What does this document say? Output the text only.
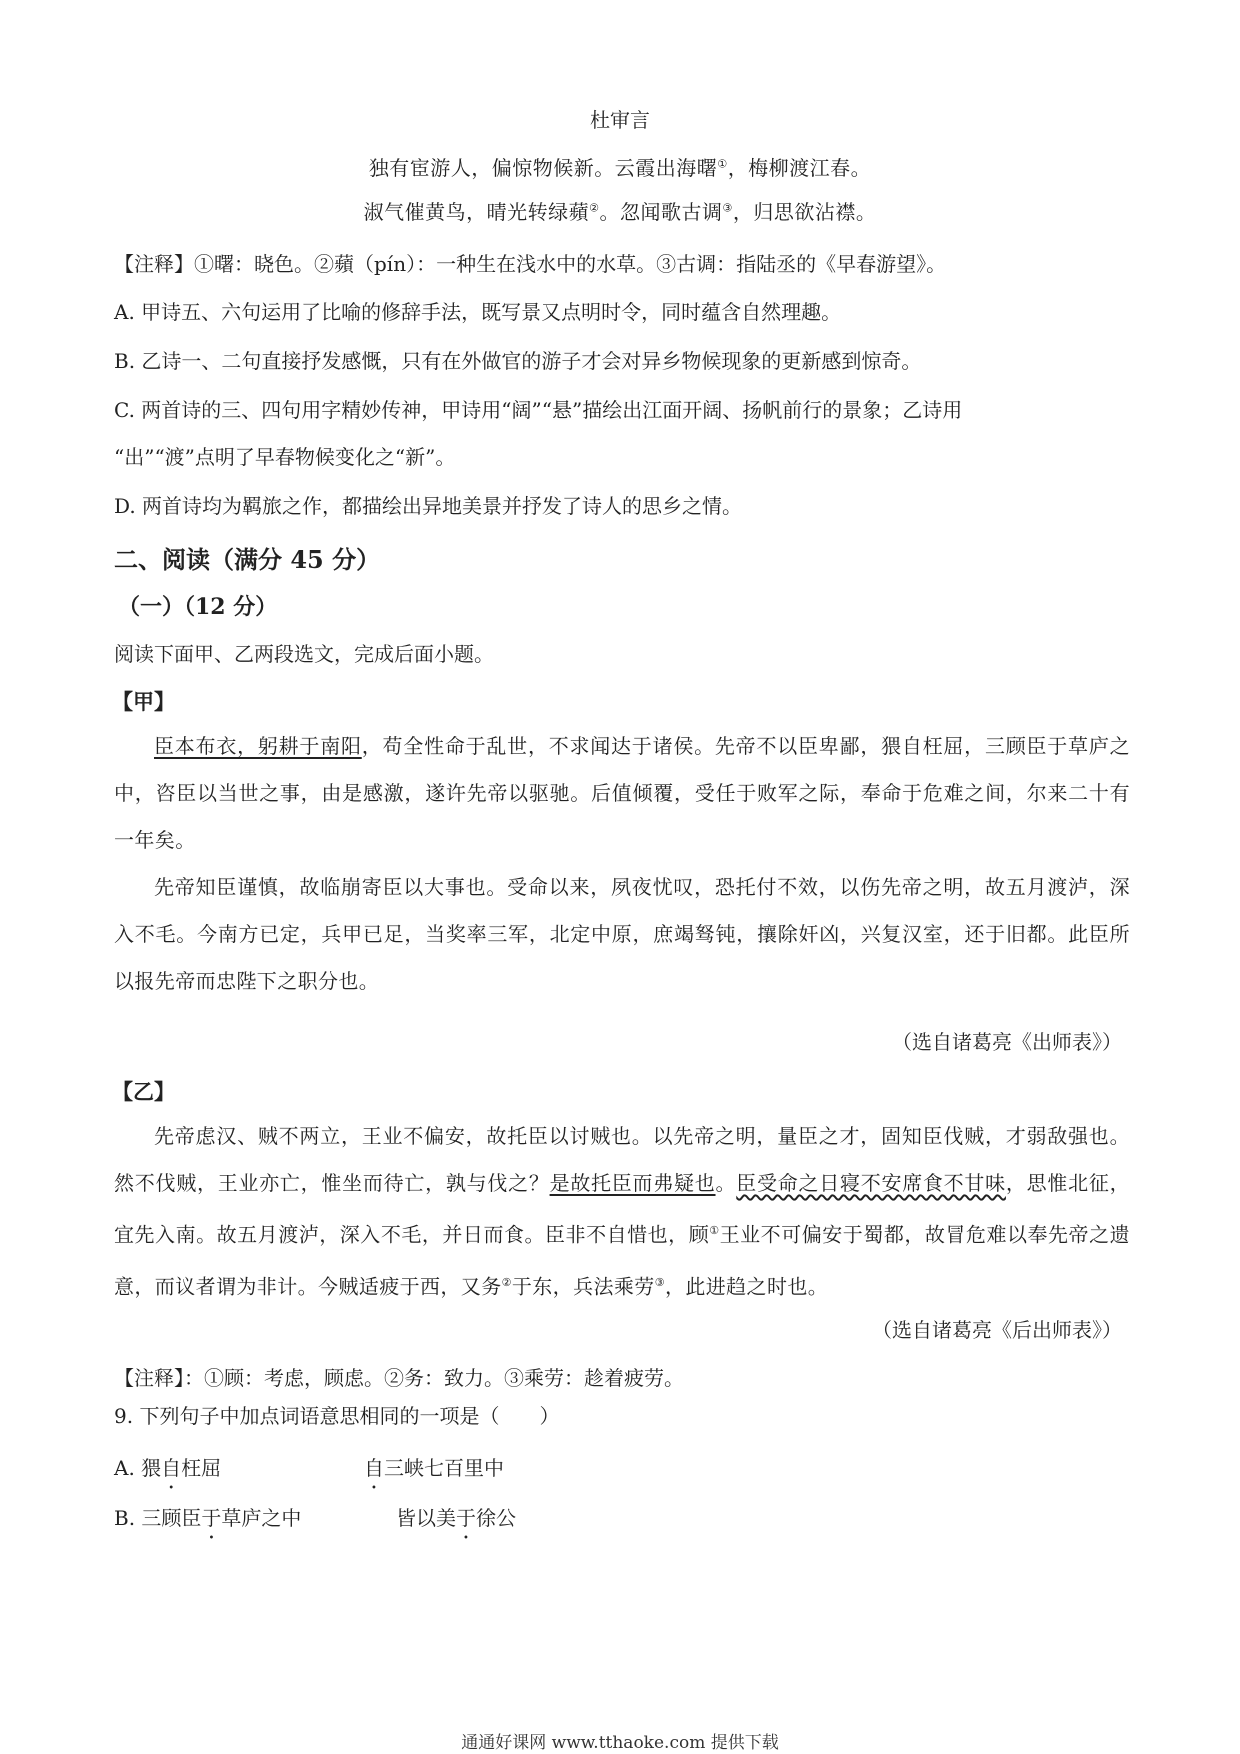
杜审言
独有宦游人，偏惊物候新。云霞出海曙①，梅柳渡江春。
淑气催黄鸟，晴光转绿蘋②。忽闻歌古调③，归思欲沾襟。
【注释】①曙：晓色。②蘋（pín）：一种生在浅水中的水草。③古调：指陆丞的《早春游望》。
A. 甲诗五、六句运用了比喻的修辞手法，既写景又点明时令，同时蕴含自然理趣。
B. 乙诗一、二句直接抒发感慨，只有在外做官的游子才会对异乡物候现象的更新感到惊奇。
C. 两首诗的三、四句用字精妙传神，甲诗用“阔”“悬”描绘出江面开阔、扬帆前行的景象；乙诗用
“出”“渡”点明了早春物候变化之“新”。
D. 两首诗均为羁旅之作，都描绘出异地美景并抒发了诗人的思乡之情。
二、阅读（满分 45 分）
（一）（12 分）
阅读下面甲、乙两段选文，完成后面小题。
【甲】
臣本布衣，躬耕于南阳，苟全性命于乱世，不求闻达于诸侯。先帝不以臣卑鄙，猥自枉屈，三顾臣于草庐之中，咨臣以当世之事，由是感激，遂许先帝以驱驰。后值倾覆，受任于败军之际，奉命于危难之间，尔来二十有一年矣。
先帝知臣谨慎，故临崩寄臣以大事也。受命以来，夙夜忧叹，恐托付不效，以伤先帝之明，故五月渡泸，深入不毛。今南方已定，兵甲已足，当奖率三军，北定中原，庶竭驽钝，攘除奸凶，兴复汉室，还于旧都。此臣所以报先帝而忠陛下之职分也。
（选自诸葛亮《出师表》）
【乙】
先帝虑汉、贼不两立，王业不偏安，故托臣以讨贼也。以先帝之明，量臣之才，固知臣伐贼，才弱敌强也。然不伐贼，王业亦亡，惟坐而待亡，孰与伐之？是故托臣而弗疑也。臣受命之日寝不安席食不甘味，思惟北征，宜先入南。故五月渡泸，深入不毛，并日而食。臣非不自惜也，顾①王业不可偏安于蜀都，故冒危难以奉先帝之遗意，而议者谓为非计。今贼适疲于西，又务②于东，兵法乘劳③，此进趋之时也。
（选自诸葛亮《后出师表》）
【注释】：①顾：考虑，顾虑。②务：致力。③乘劳：趁着疲劳。
9. 下列句子中加点词语意思相同的一项是（　　）
A. 猥自枉屈	自三峡七百里中
B. 三顾臣于草庐之中	皆以美于徐公
通通好课网 www.tthaoke.com 提供下载
